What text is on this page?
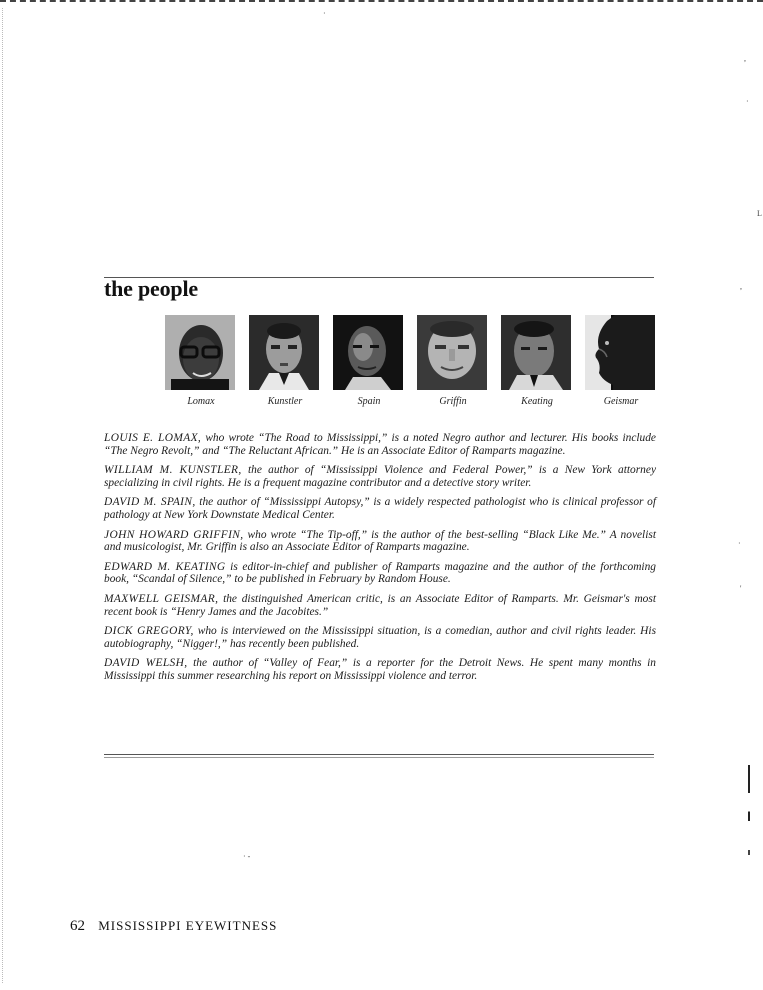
,
·
L
,
·
'
·
· -
the people
Lomax	Kunstler	Spain	Griffin	Keating	Geismar

LOUIS E. LOMAX, who wrote “The Road to Mississippi,” is a noted Negro author and lecturer. His books include “The Negro Revolt,” and “The Reluctant African.” He is an Associate Editor of Ramparts magazine.

WILLIAM M. KUNSTLER, the author of “Mississippi Violence and Federal Power,” is a New York attorney specializing in civil rights. He is a frequent magazine contributor and a detective story writer.

DAVID M. SPAIN, the author of “Mississippi Autopsy,” is a widely respected pathologist who is clinical professor of pathology at New York Downstate Medical Center.

JOHN HOWARD GRIFFIN, who wrote “The Tip-off,” is the author of the best-selling “Black Like Me.” A novelist and musicologist, Mr. Griffin is also an Associate Editor of Ramparts magazine.

EDWARD M. KEATING is editor-in-chief and publisher of Ramparts magazine and the author of the forthcoming book, “Scandal of Silence,” to be published in February by Random House.

MAXWELL GEISMAR, the distinguished American critic, is an Associate Editor of Ramparts. Mr. Geismar's most recent book is “Henry James and the Jacobites.”

DICK GREGORY, who is interviewed on the Mississippi situation, is a comedian, author and civil rights leader. His autobiography, “Nigger!,” has recently been published.

DAVID WELSH, the author of “Valley of Fear,” is a reporter for the Detroit News. He spent many months in Mississippi this summer researching his report on Mississippi violence and terror.

62 MISSISSIPPI EYEWITNESS
